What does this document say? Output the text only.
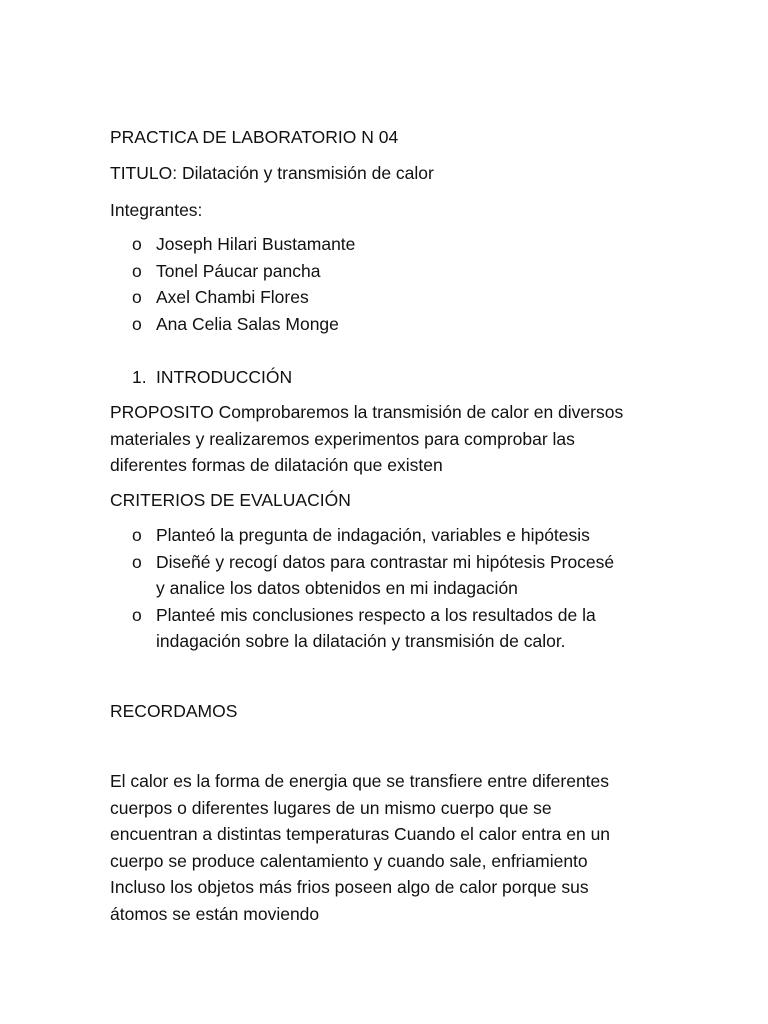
PRACTICA DE LABORATORIO N 04

TITULO: Dilatación y transmisión de calor

Integrantes:

o Joseph Hilari Bustamante
o Tonel Páucar pancha
o Axel Chambi Flores
o Ana Celia Salas Monge
1. INTRODUCCIÓN

PROPOSITO Comprobaremos la transmisión de calor en diversos

materiales y realizaremos experimentos para comprobar las

diferentes formas de dilatación que existen

CRITERIOS DE EVALUACIÓN

o Planteó la pregunta de indagación, variables e hipótesis
o Diseñé y recogí datos para contrastar mi hipótesis Procesé
y analice los datos obtenidos en mi indagación
o Planteé mis conclusiones respecto a los resultados de la
indagación sobre la dilatación y transmisión de calor.

RECORDAMOS

El calor es la forma de energia que se transfiere entre diferentes

cuerpos o diferentes lugares de un mismo cuerpo que se

encuentran a distintas temperaturas Cuando el calor entra en un

cuerpo se produce calentamiento y cuando sale, enfriamiento

Incluso los objetos más frios poseen algo de calor porque sus

átomos se están moviendo
